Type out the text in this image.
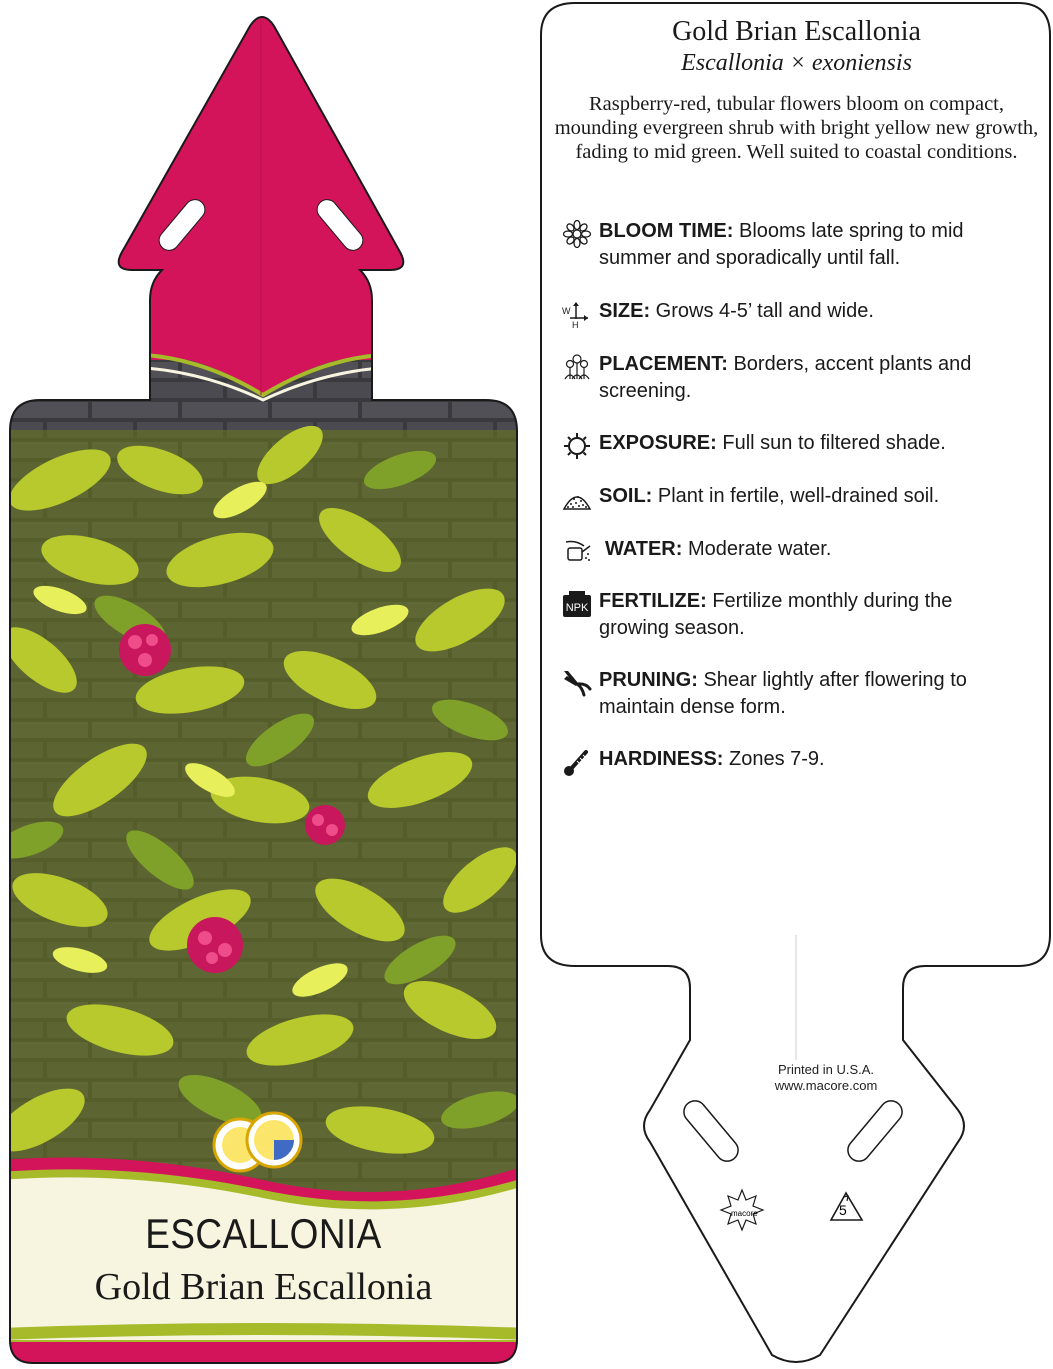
ESCALLONIA
Gold Brian Escallonia
macore	5
Gold Brian Escallonia
Escallonia × exoniensis
Raspberry-red, tubular flowers bloom on compact, mounding evergreen shrub with bright yellow new growth, fading to mid green. Well suited to coastal conditions.
BLOOM TIME: Blooms late spring to mid
summer and sporadically until fall.
W
H
SIZE: Grows 4-5’ tall and wide.
PLACEMENT: Borders, accent plants and
screening.
EXPOSURE: Full sun to filtered shade.
SOIL: Plant in fertile, well-drained soil.
WATER: Moderate water.
NPK FERTILIZE: Fertilize monthly during the
growing season.
PRUNING: Shear lightly after flowering to
maintain dense form.
HARDINESS: Zones 7-9.
Printed in U.S.A.
www.macore.com
